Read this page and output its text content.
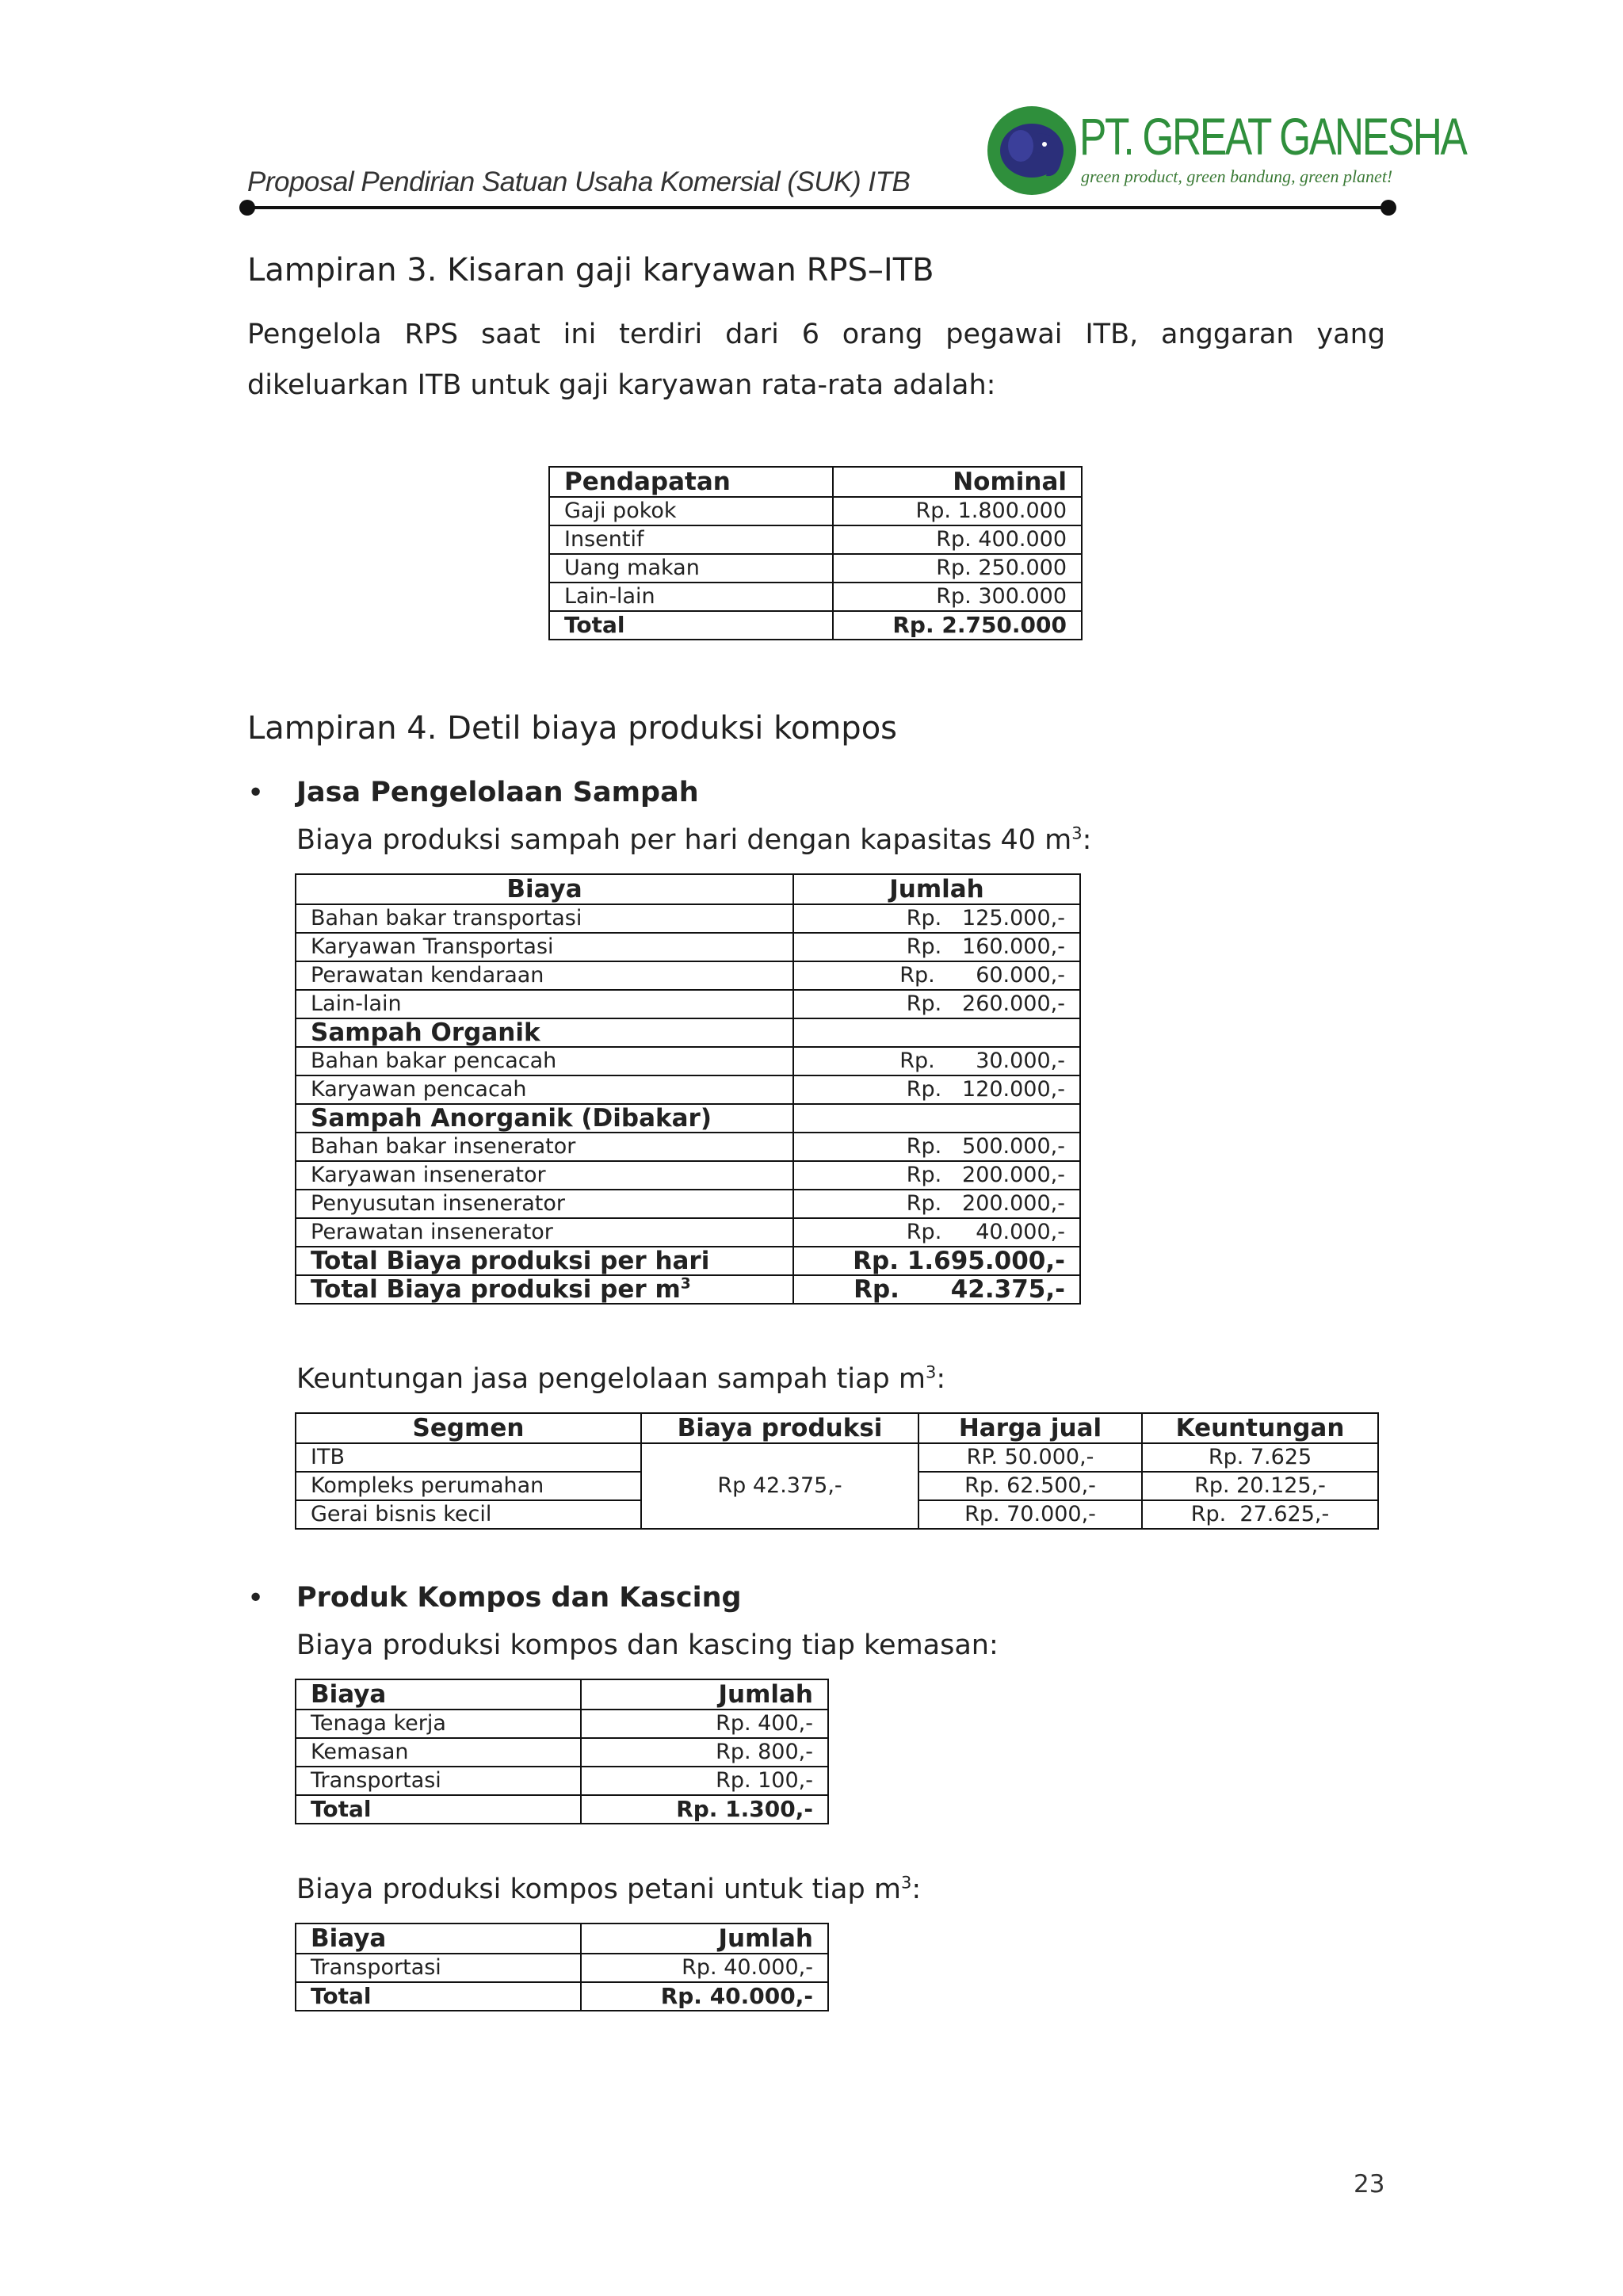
Proposal Pendirian Satuan Usaha Komersial (SUK) ITB
PT. GREAT GANESHA
green product, green bandung, green planet!
Lampiran 3. Kisaran gaji karyawan RPS–ITB
Pengelola RPS saat ini terdiri dari 6 orang pegawai ITB, anggaran yang dikeluarkan ITB untuk gaji karyawan rata-rata adalah:
Pendapatan	Nominal
Gaji pokok	Rp. 1.800.000
Insentif	Rp. 400.000
Uang makan	Rp. 250.000
Lain-lain	Rp. 300.000
Total	Rp. 2.750.000
Lampiran 4. Detil biaya produksi kompos
• Jasa Pengelolaan Sampah
Biaya produksi sampah per hari dengan kapasitas 40 $m^3$:
Biaya	Jumlah
Bahan bakar transportasi	Rp.   125.000,-
Karyawan Transportasi	Rp.   160.000,-
Perawatan kendaraan	Rp.      60.000,-
Lain-lain	Rp.   260.000,-
Sampah Organik	
Bahan bakar pencacah	Rp.      30.000,-
Karyawan pencacah	Rp.   120.000,-
Sampah Anorganik (Dibakar)	
Bahan bakar insenerator	Rp.   500.000,-
Karyawan insenerator	Rp.   200.000,-
Penyusutan insenerator	Rp.   200.000,-
Perawatan insenerator	Rp.     40.000,-
Total Biaya produksi per hari	Rp. 1.695.000,-
Total Biaya produksi per $m^3$	Rp.      42.375,-
Keuntungan jasa pengelolaan sampah tiap $m^3$:
Segmen	Biaya produksi	Harga jual	Keuntungan
ITB	Rp 42.375,-	RP. 50.000,-	Rp. 7.625
Kompleks perumahan		Rp. 62.500,-	Rp. 20.125,-
Gerai bisnis kecil		Rp. 70.000,-	Rp.  27.625,-
• Produk Kompos dan Kascing
Biaya produksi kompos dan kascing tiap kemasan:
Biaya	Jumlah
Tenaga kerja	Rp. 400,-
Kemasan	Rp. 800,-
Transportasi	Rp. 100,-
Total	Rp. 1.300,-
Biaya produksi kompos petani untuk tiap $m^3$:
Biaya	Jumlah
Transportasi	Rp. 40.000,-
Total	Rp. 40.000,-
23
